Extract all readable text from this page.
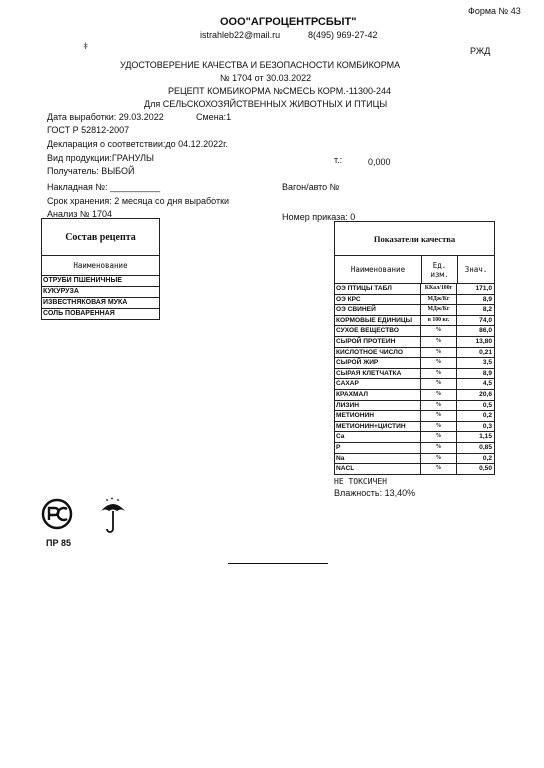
Форма № 43
ООО"АГРОЦЕНТРСБЫТ"
istrahleb22@mail.ru	8(495) 969-27-42
ǂ	РЖД
УДОСТОВЕРЕНИЕ КАЧЕСТВА И БЕЗОПАСНОСТИ КОМБИКОРМА
№ 1704 от 30.03.2022
РЕЦЕПТ КОМБИКОРМА №СМЕСЬ КОРМ.-11300-244
Для СЕЛЬСКОХОЗЯЙСТВЕННЫХ ЖИВОТНЫХ И ПТИЦЫ
Дата выработки: 29.03.2022	Смена:1
ГОСТ Р 52812-2007
Декларация о соответствии:до 04.12.2022г.
Вид продукции:ГРАНУЛЫ	т.:	0,000
Получатель: ВЫБОЙ
Накладная №: __________	Вагон/авто №
Срок хранения: 2 месяца со дня выработки
Анализ № 1704	Номер приказа: 0
Состав рецепта
Наименование
ОТРУБИ ПШЕНИЧНЫЕ
КУКУРУЗА
ИЗВЕСТНЯКОВАЯ МУКА
СОЛЬ ПОВАРЕННАЯ
Показатели качества
Наименование	Ед. изм.	Знач.
ОЭ ПТИЦЫ ТАБЛ	ККал/100г	171,0
ОЭ КРС	МДж/Кг	8,9
ОЭ СВИНЕЙ	МДж/Кг	8,2
КОРМОВЫЕ ЕДИНИЦЫ	в 100 кг.	74,0
СУХОЕ ВЕЩЕСТВО	%	86,0
СЫРОЙ ПРОТЕИН	%	13,80
КИСЛОТНОЕ ЧИСЛО	%	0,21
СЫРОЙ ЖИР	%	3,5
СЫРАЯ КЛЕТЧАТКА	%	8,9
САХАР	%	4,5
КРАХМАЛ	%	20,6
ЛИЗИН	%	0,5
МЕТИОНИН	%	0,2
МЕТИОНИН+ЦИСТИН	%	0,3
Ca	%	1,15
P	%	0,85
Na	%	0,2
NACL	%	0,50
НЕ ТОКСИЧЕН
Влажность: 13,40%
ПР 85
